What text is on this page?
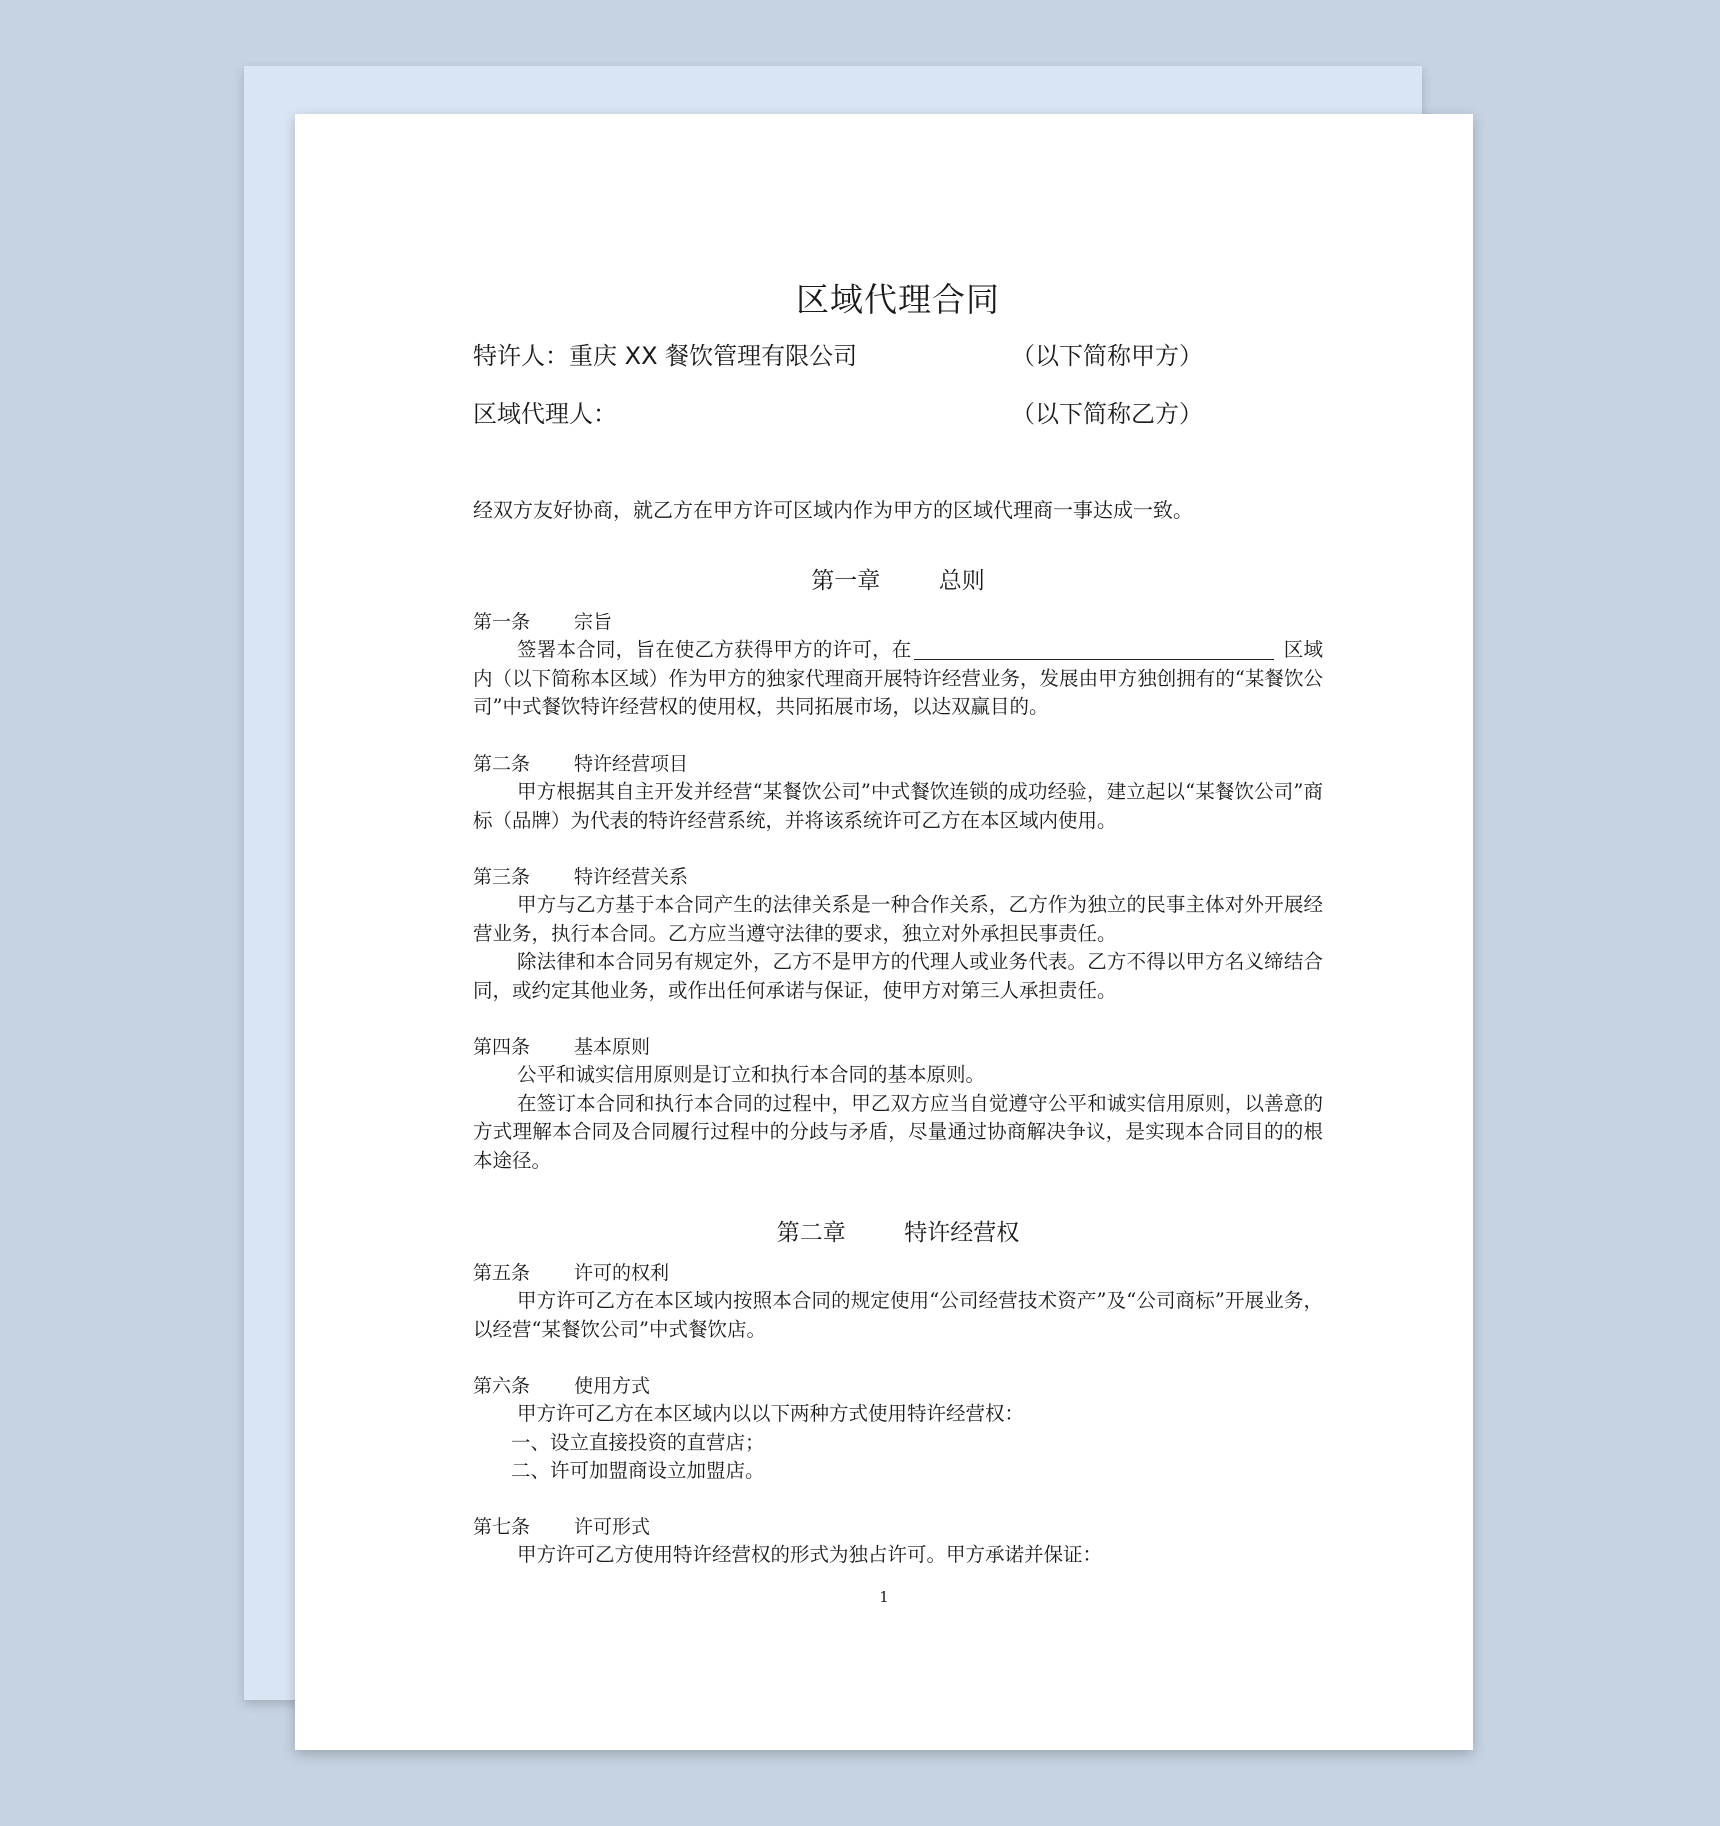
区域代理合同
特许人：重庆 XX 餐饮管理有限公司	（以下简称甲方）
区域代理人：	（以下简称乙方）

经双方友好协商，就乙方在甲方许可区域内作为甲方的区域代理商一事达成一致。

第一章        总则
第一条 宗旨

签署本合同，旨在使乙方获得甲方的许可，在	区域内（以下简称本区域）作为甲方的独家代理商开展特许经营业务，发展由甲方独创拥有的“某餐饮公司”中式餐饮特许经营权的使用权，共同拓展市场，以达双赢目的。

第二条 特许经营项目

甲方根据其自主开发并经营“某餐饮公司”中式餐饮连锁的成功经验，建立起以“某餐饮公司”商标（品牌）为代表的特许经营系统，并将该系统许可乙方在本区域内使用。

第三条 特许经营关系

甲方与乙方基于本合同产生的法律关系是一种合作关系，乙方作为独立的民事主体对外开展经营业务，执行本合同。乙方应当遵守法律的要求，独立对外承担民事责任。

除法律和本合同另有规定外，乙方不是甲方的代理人或业务代表。乙方不得以甲方名义缔结合同，或约定其他业务，或作出任何承诺与保证，使甲方对第三人承担责任。

第四条 基本原则

公平和诚实信用原则是订立和执行本合同的基本原则。

在签订本合同和执行本合同的过程中，甲乙双方应当自觉遵守公平和诚实信用原则，以善意的方式理解本合同及合同履行过程中的分歧与矛盾，尽量通过协商解决争议，是实现本合同目的的根本途径。

第二章        特许经营权
第五条 许可的权利

甲方许可乙方在本区域内按照本合同的规定使用“公司经营技术资产”及“公司商标”开展业务，以经营“某餐饮公司”中式餐饮店。

第六条 使用方式

甲方许可乙方在本区域内以以下两种方式使用特许经营权：

一、设立直接投资的直营店；

二、许可加盟商设立加盟店。

第七条 许可形式

甲方许可乙方使用特许经营权的形式为独占许可。甲方承诺并保证：

1
